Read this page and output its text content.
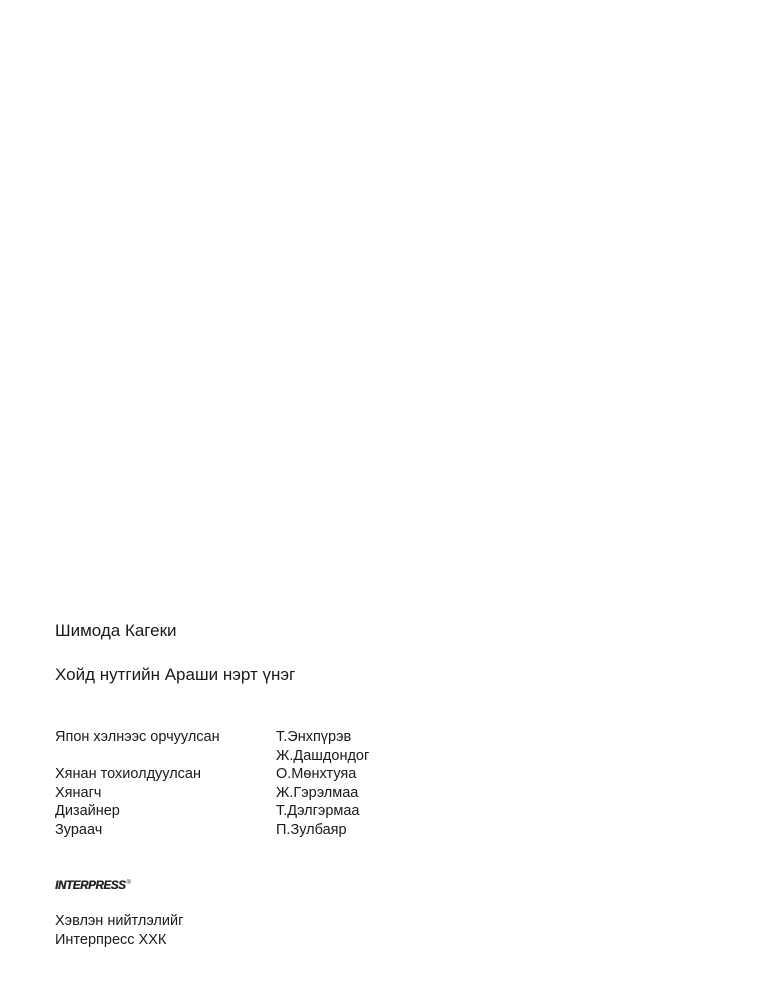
Шимода Кагеки
Хойд нутгийн Араши нэрт үнэг
Япон хэлнээс орчуулсан	Т.Энхпүрэв
Ж.Дашдондог
Хянан тохиолдуулсан	О.Мөнхтуяа
Хянагч	Ж.Гэрэлмаа
Дизайнер	Т.Дэлгэрмаа
Зураач	П.Зулбаяр
INTERPRESS ®
Хэвлэн нийтлэлийг
Интерпресс ХХК
